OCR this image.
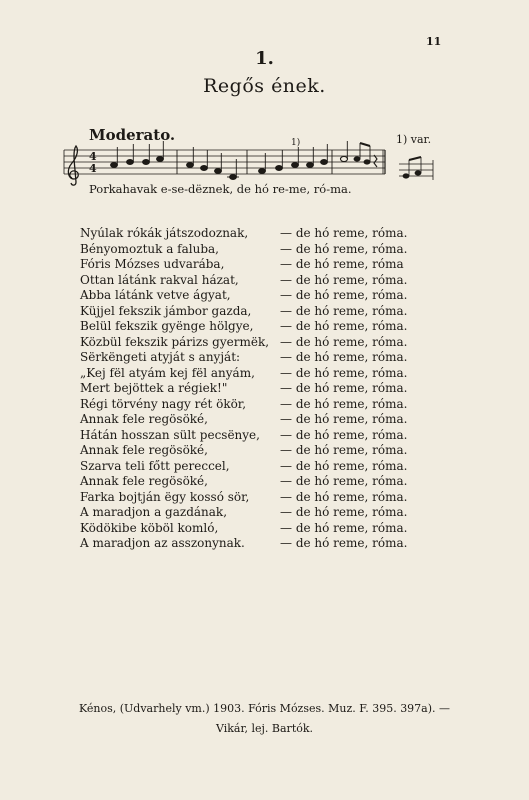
11
1.
Regős ének.
Moderato.	1)	1) var.
4
4
Porkahavak e-se-dëznek, de hó re-me, ró-ma.
Nyúlak rókák játszodoznak,	— de hó reme, róma.
Bényomoztuk a faluba,	— de hó reme, róma.
Fóris Mózses udvarába,	— de hó reme, róma
Ottan látánk rakval házat,	— de hó reme, róma.
Abba látánk vetve ágyat,	— de hó reme, róma.
Küjjel fekszik jámbor gazda, — de hó reme, róma.
Belül fekszik gyënge hölgye, — de hó reme, róma.
Közbül fekszik párizs gyermëk, — de hó reme, róma.
Sërkëngeti atyját s anyját:	— de hó reme, róma.
„Kej fël atyám kej fël anyám, — de hó reme, róma.
Mert bejöttek a régiek!"	— de hó reme, róma.
Régi törvény nagy rét ökör,	— de hó reme, róma.
Annak fele regösöké,	— de hó reme, róma.
Hátán hosszan sült pecsënye, — de hó reme, róma.
Annak fele regösöké,	— de hó reme, róma.
Szarva teli főtt pereccel,	— de hó reme, róma.
Annak fele regösöké,	— de hó reme, róma.
Farka bojtján ëgy kossó sör,	— de hó reme, róma.
A maradjon a gazdának,	— de hó reme, róma.
Ködökibe köböl komló,	— de hó reme, róma.
A maradjon az asszonynak.	— de hó reme, róma.
Kénos, (Udvarhely vm.) 1903. Fóris Mózses. Muz. F. 395. 397a). —
Vikár, lej. Bartók.
